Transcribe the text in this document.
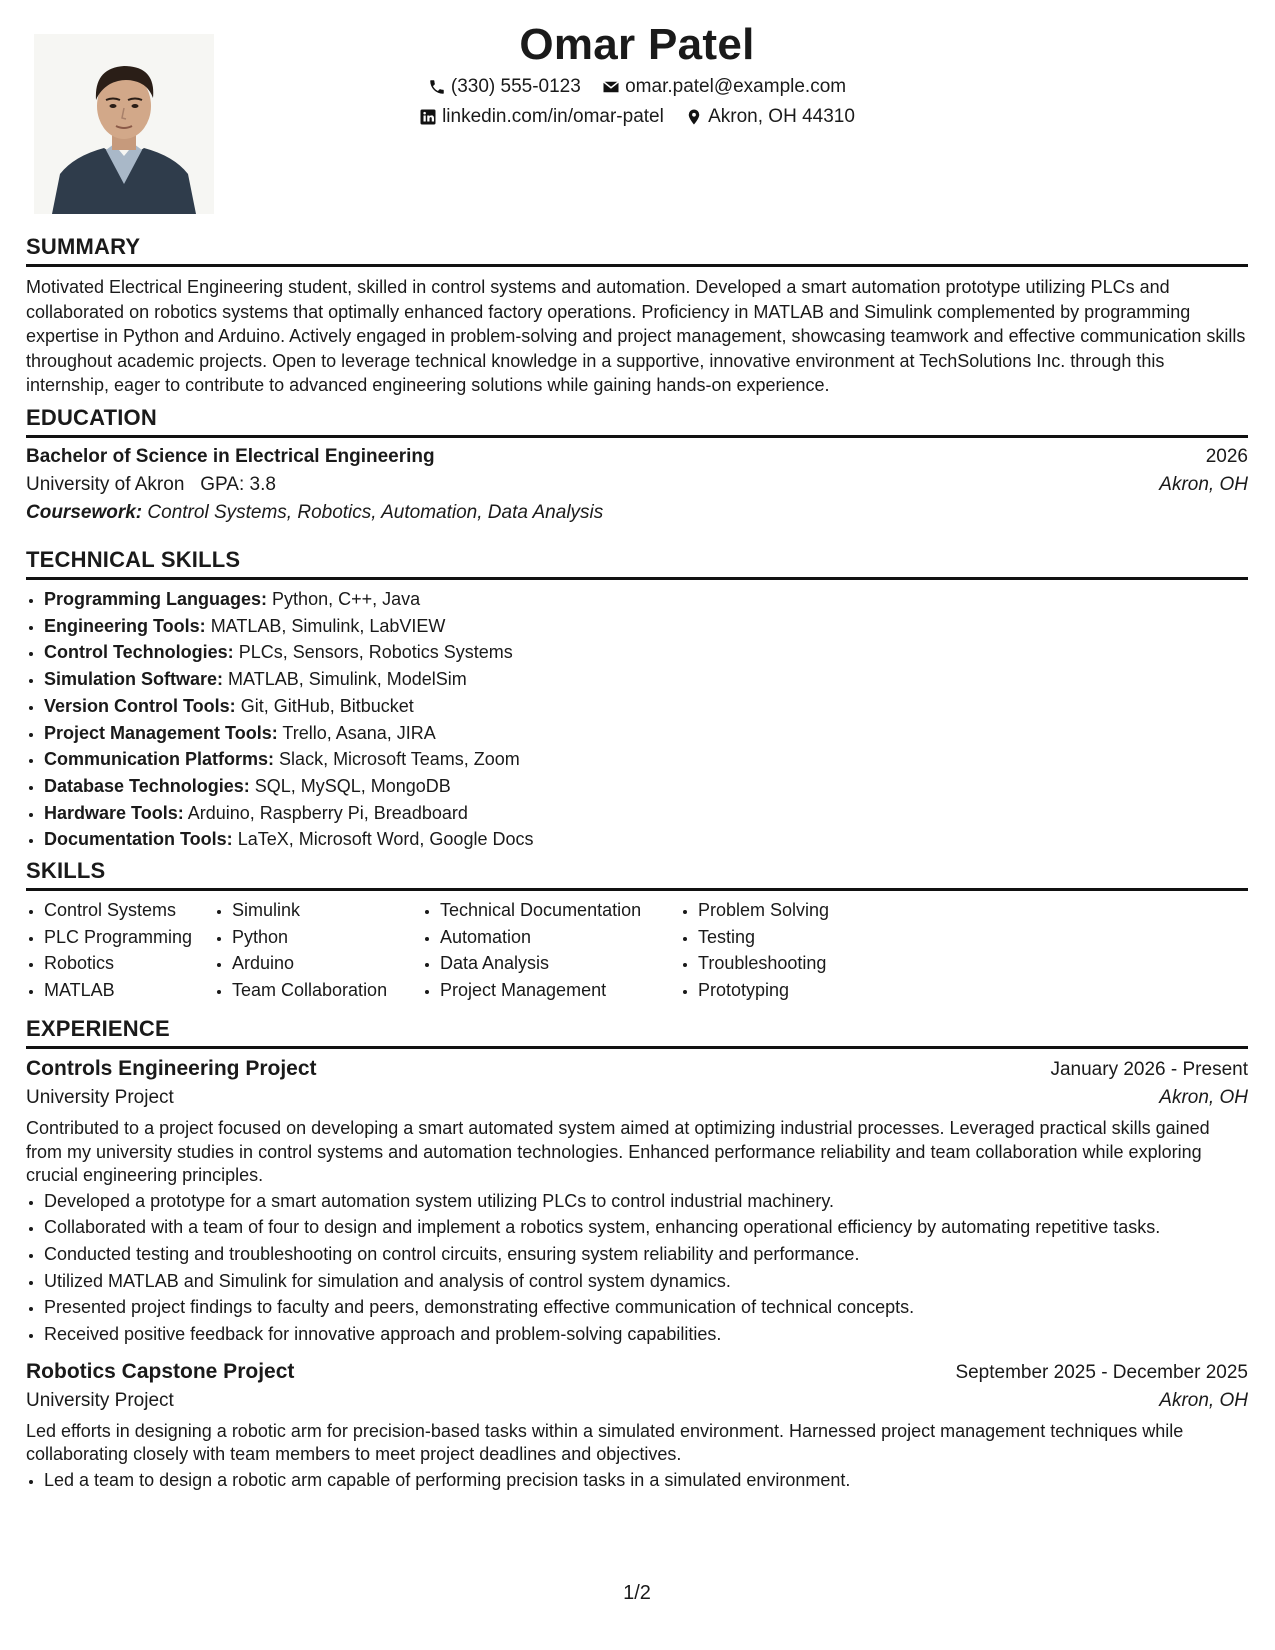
Omar Patel
(330) 555-0123
omar.patel@example.com
linkedin.com/in/omar-patel
Akron, OH 44310
SUMMARY
Motivated Electrical Engineering student, skilled in control systems and automation. Developed a smart automation prototype utilizing PLCs and collaborated on robotics systems that optimally enhanced factory operations. Proficiency in MATLAB and Simulink complemented by programming expertise in Python and Arduino. Actively engaged in problem-solving and project management, showcasing teamwork and effective communication skills throughout academic projects. Open to leverage technical knowledge in a supportive, innovative environment at TechSolutions Inc. through this internship, eager to contribute to advanced engineering solutions while gaining hands-on experience.
EDUCATION
Bachelor of Science in Electrical Engineering	2026
University of Akron GPA: 3.8	Akron, OH
Coursework: Control Systems, Robotics, Automation, Data Analysis
TECHNICAL SKILLS
• Programming Languages: Python, C++, Java
• Engineering Tools: MATLAB, Simulink, LabVIEW
• Control Technologies: PLCs, Sensors, Robotics Systems
• Simulation Software: MATLAB, Simulink, ModelSim
• Version Control Tools: Git, GitHub, Bitbucket
• Project Management Tools: Trello, Asana, JIRA
• Communication Platforms: Slack, Microsoft Teams, Zoom
• Database Technologies: SQL, MySQL, MongoDB
• Hardware Tools: Arduino, Raspberry Pi, Breadboard
• Documentation Tools: LaTeX, Microsoft Word, Google Docs
SKILLS
• Control Systems
• PLC Programming
• Robotics
• MATLAB
• Simulink
• Python
• Arduino
• Team Collaboration
• Technical Documentation
• Automation
• Data Analysis
• Project Management
• Problem Solving
• Testing
• Troubleshooting
• Prototyping
EXPERIENCE
Controls Engineering Project	January 2026 - Present
University Project	Akron, OH
Contributed to a project focused on developing a smart automated system aimed at optimizing industrial processes. Leveraged practical skills gained from my university studies in control systems and automation technologies. Enhanced performance reliability and team collaboration while exploring crucial engineering principles.
• Developed a prototype for a smart automation system utilizing PLCs to control industrial machinery.
• Collaborated with a team of four to design and implement a robotics system, enhancing operational efficiency by automating repetitive tasks.
• Conducted testing and troubleshooting on control circuits, ensuring system reliability and performance.
• Utilized MATLAB and Simulink for simulation and analysis of control system dynamics.
• Presented project findings to faculty and peers, demonstrating effective communication of technical concepts.
• Received positive feedback for innovative approach and problem-solving capabilities.
Robotics Capstone Project	September 2025 - December 2025
University Project	Akron, OH
Led efforts in designing a robotic arm for precision-based tasks within a simulated environment. Harnessed project management techniques while collaborating closely with team members to meet project deadlines and objectives.
• Led a team to design a robotic arm capable of performing precision tasks in a simulated environment.
1/2
